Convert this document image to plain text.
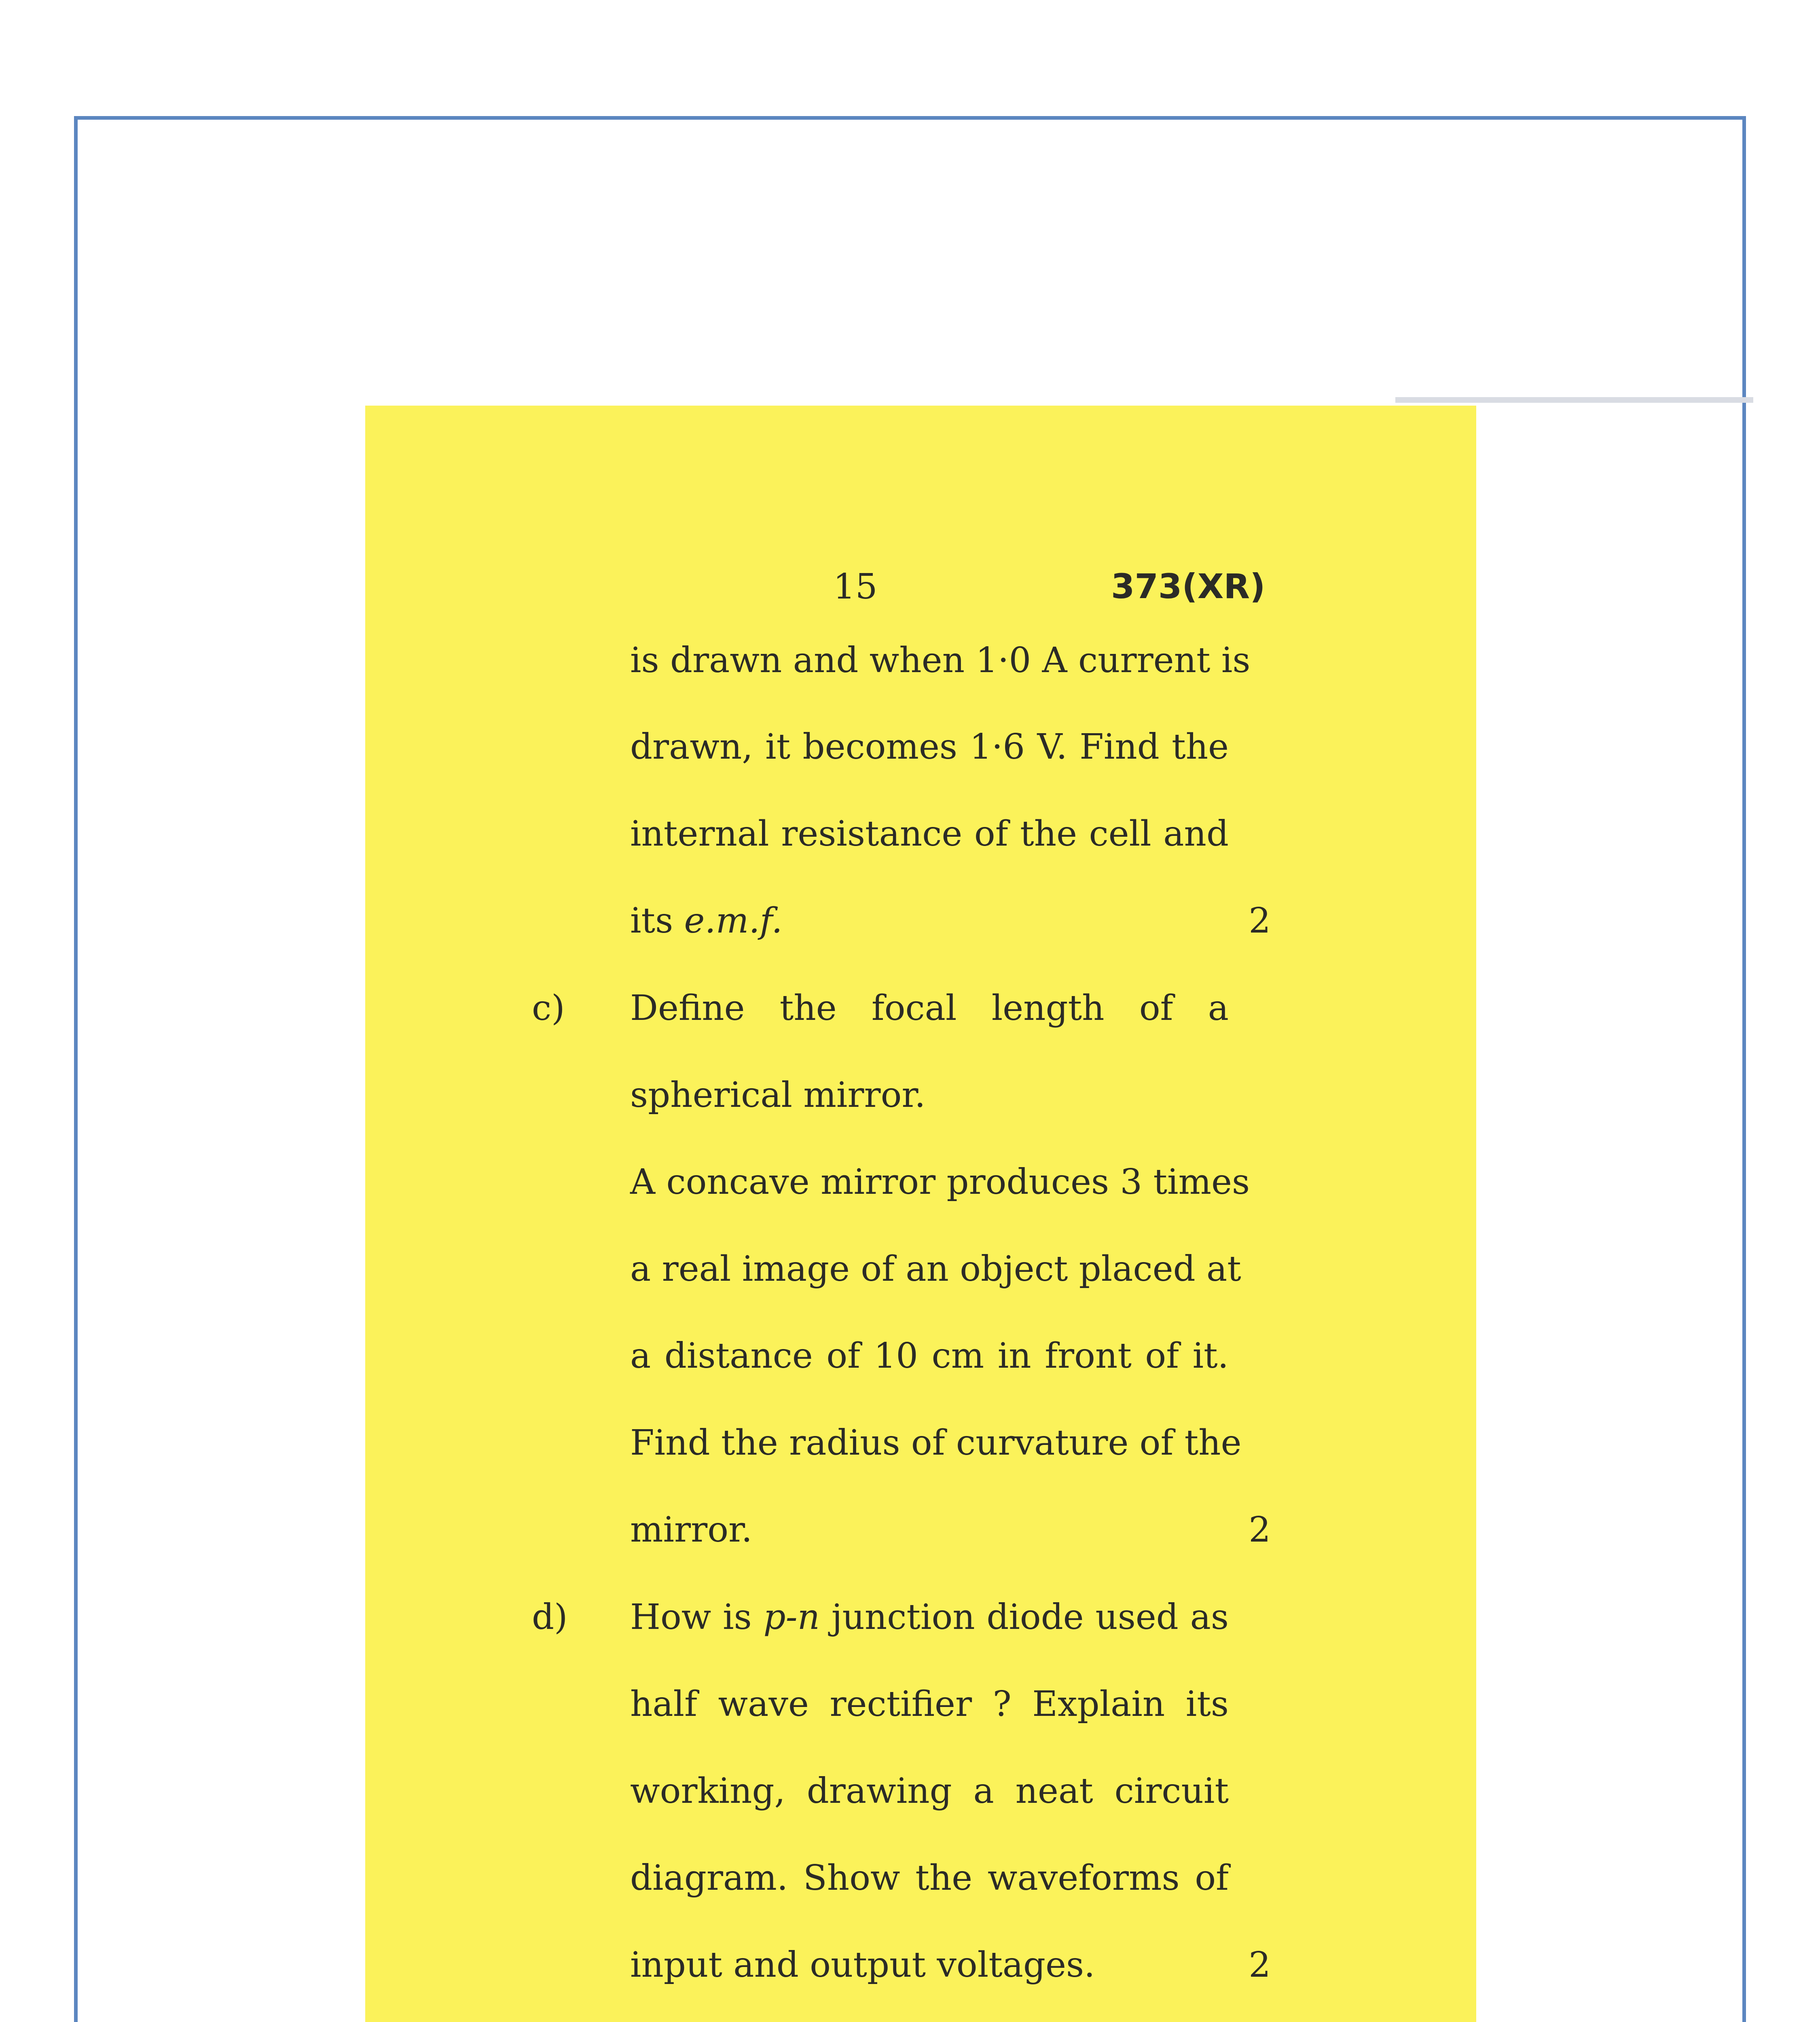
15	373(XR)
is drawn and when 1·0 A current is
drawn, it becomes 1·6 V. Find the
internal resistance of the cell and
its e.m.f.	2
c) Define the focal length of a
spherical mirror.
A concave mirror produces 3 times
a real image of an object placed at
a distance of 10 cm in front of it.
Find the radius of curvature of the
mirror.	2
d) How is p-n junction diode used as
half wave rectifier ? Explain its
working, drawing a neat circuit
diagram. Show the waveforms of
input and output voltages.	2
